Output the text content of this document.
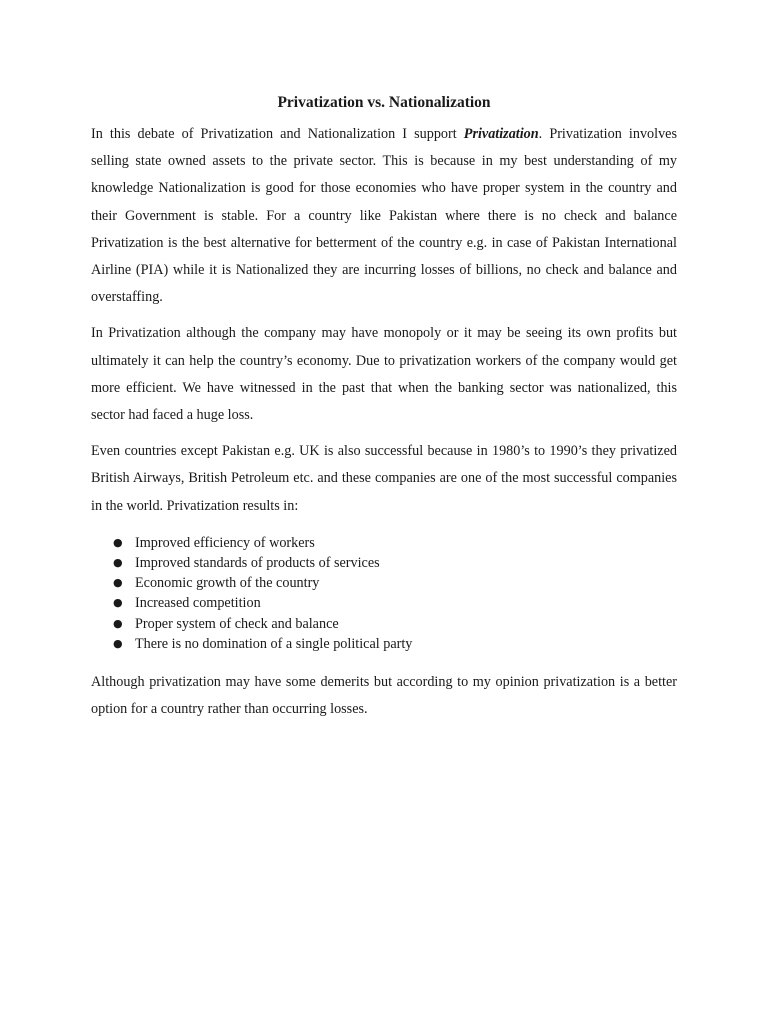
Privatization vs. Nationalization

In this debate of Privatization and Nationalization I support Privatization. Privatization involves selling state owned assets to the private sector. This is because in my best understanding of my knowledge Nationalization is good for those economies who have proper system in the country and their Government is stable. For a country like Pakistan where there is no check and balance Privatization is the best alternative for betterment of the country e.g. in case of Pakistan International Airline (PIA) while it is Nationalized they are incurring losses of billions, no check and balance and overstaffing.

In Privatization although the company may have monopoly or it may be seeing its own profits but ultimately it can help the country’s economy. Due to privatization workers of the company would get more efficient. We have witnessed in the past that when the banking sector was nationalized, this sector had faced a huge loss.

Even countries except Pakistan e.g. UK is also successful because in 1980’s to 1990’s they privatized British Airways, British Petroleum etc. and these companies are one of the most successful companies in the world. Privatization results in:

● Improved efficiency of workers
● Improved standards of products of services
● Economic growth of the country
● Increased competition
● Proper system of check and balance
● There is no domination of a single political party

Although privatization may have some demerits but according to my opinion privatization is a better option for a country rather than occurring losses.
